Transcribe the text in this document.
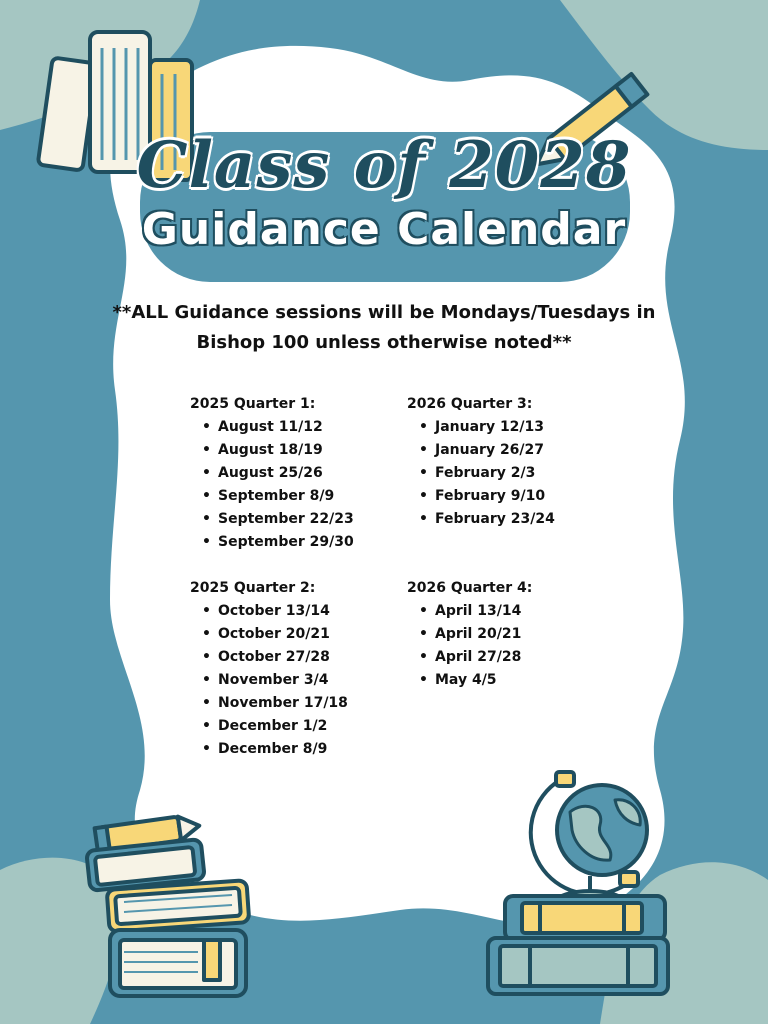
Class of 2028
Guidance Calendar
**ALL Guidance sessions will be Mondays/Tuesdays in
Bishop 100 unless otherwise noted**
2025 Quarter 1:
• August 11/12
• August 18/19
• August 25/26
• September 8/9
• September 22/23
• September 29/30
2026 Quarter 3:
• January 12/13
• January 26/27
• February 2/3
• February 9/10
• February 23/24
2025 Quarter 2:
• October 13/14
• October 20/21
• October 27/28
• November 3/4
• November 17/18
• December 1/2
• December 8/9
2026 Quarter 4:
• April 13/14
• April 20/21
• April 27/28
• May 4/5
